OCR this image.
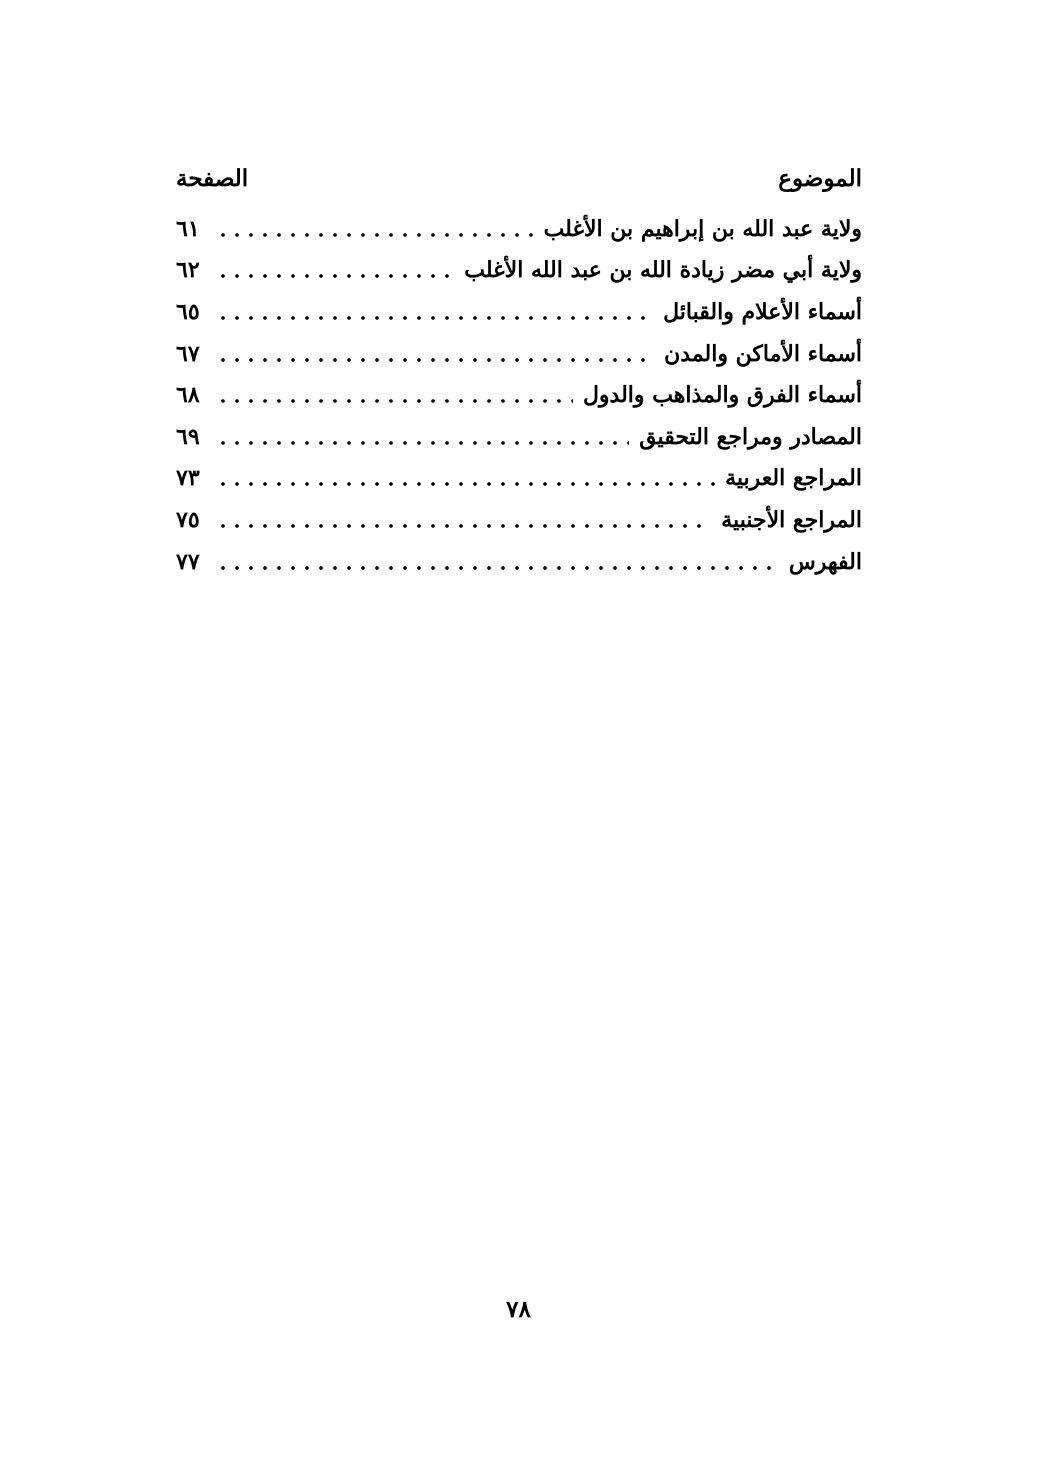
الموضوع
الصفحة
ولاية عبد الله بن إبراهيم بن الأغلب
٦١
ولاية أبي مضر زيادة الله بن عبد الله الأغلب
٦٢
أسماء الأعلام والقبائل
٦٥
أسماء الأماكن والمدن
٦٧
أسماء الفرق والمذاهب والدول
٦٨
المصادر ومراجع التحقيق
٦٩
المراجع العربية
٧٣
المراجع الأجنبية
٧٥
الفهرس
٧٧
٧٨
